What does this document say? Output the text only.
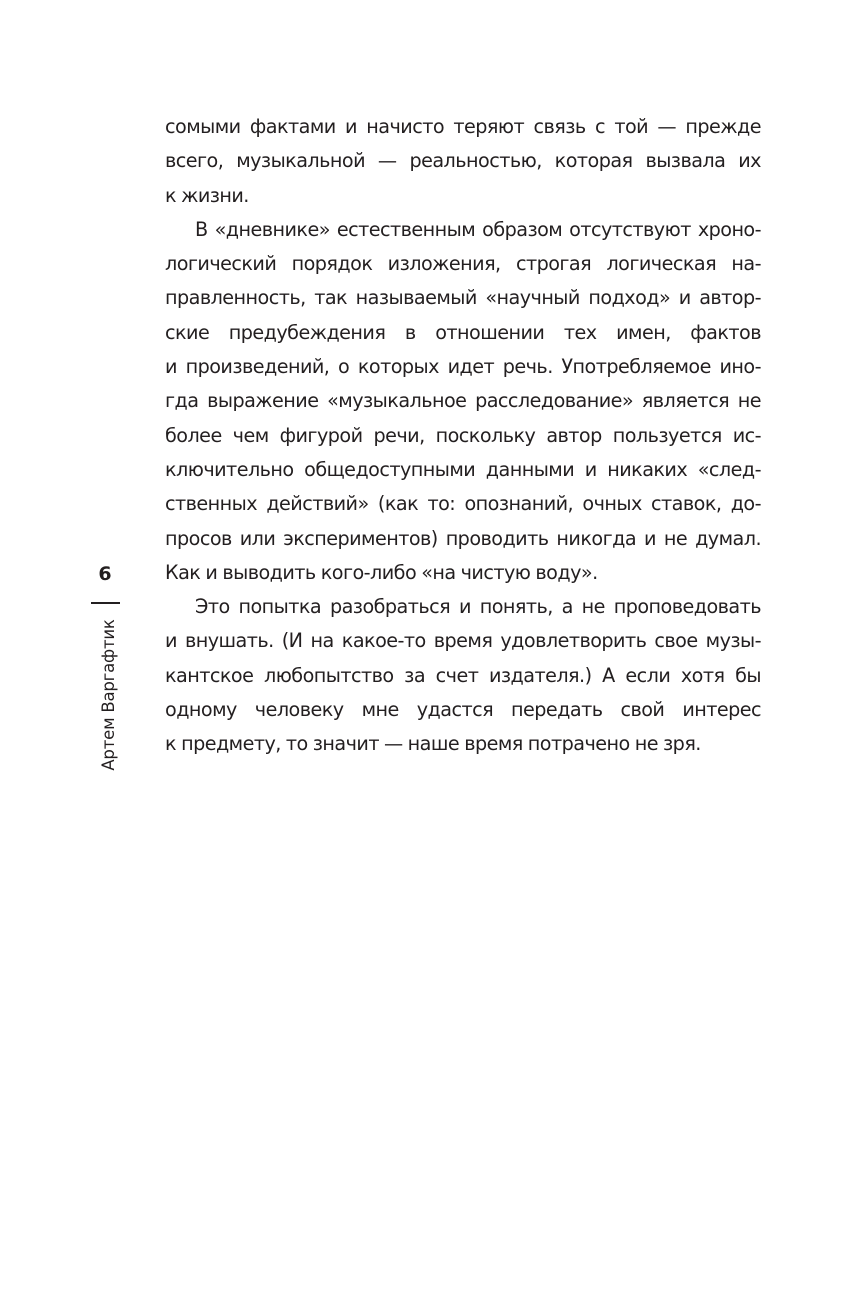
6
Артем Варгафтик
сомыми фактами и начисто теряют связь с той — прежде
всего, музыкальной — реальностью, которая вызвала их
к жизни.
В «дневнике» естественным образом отсутствуют хроно-
логический порядок изложения, строгая логическая на-
правленность, так называемый «научный подход» и автор-
ские предубеждения в отношении тех имен, фактов
и произведений, о которых идет речь. Употребляемое ино-
гда выражение «музыкальное расследование» является не
более чем фигурой речи, поскольку автор пользуется ис-
ключительно общедоступными данными и никаких «след-
ственных действий» (как то: опознаний, очных ставок, до-
просов или экспериментов) проводить никогда и не думал.
Как и выводить кого-либо «на чистую воду».
Это попытка разобраться и понять, а не проповедовать
и внушать. (И на какое-то время удовлетворить свое музы-
кантское любопытство за счет издателя.) А если хотя бы
одному человеку мне удастся передать свой интерес
к предмету, то значит — наше время потрачено не зря.
